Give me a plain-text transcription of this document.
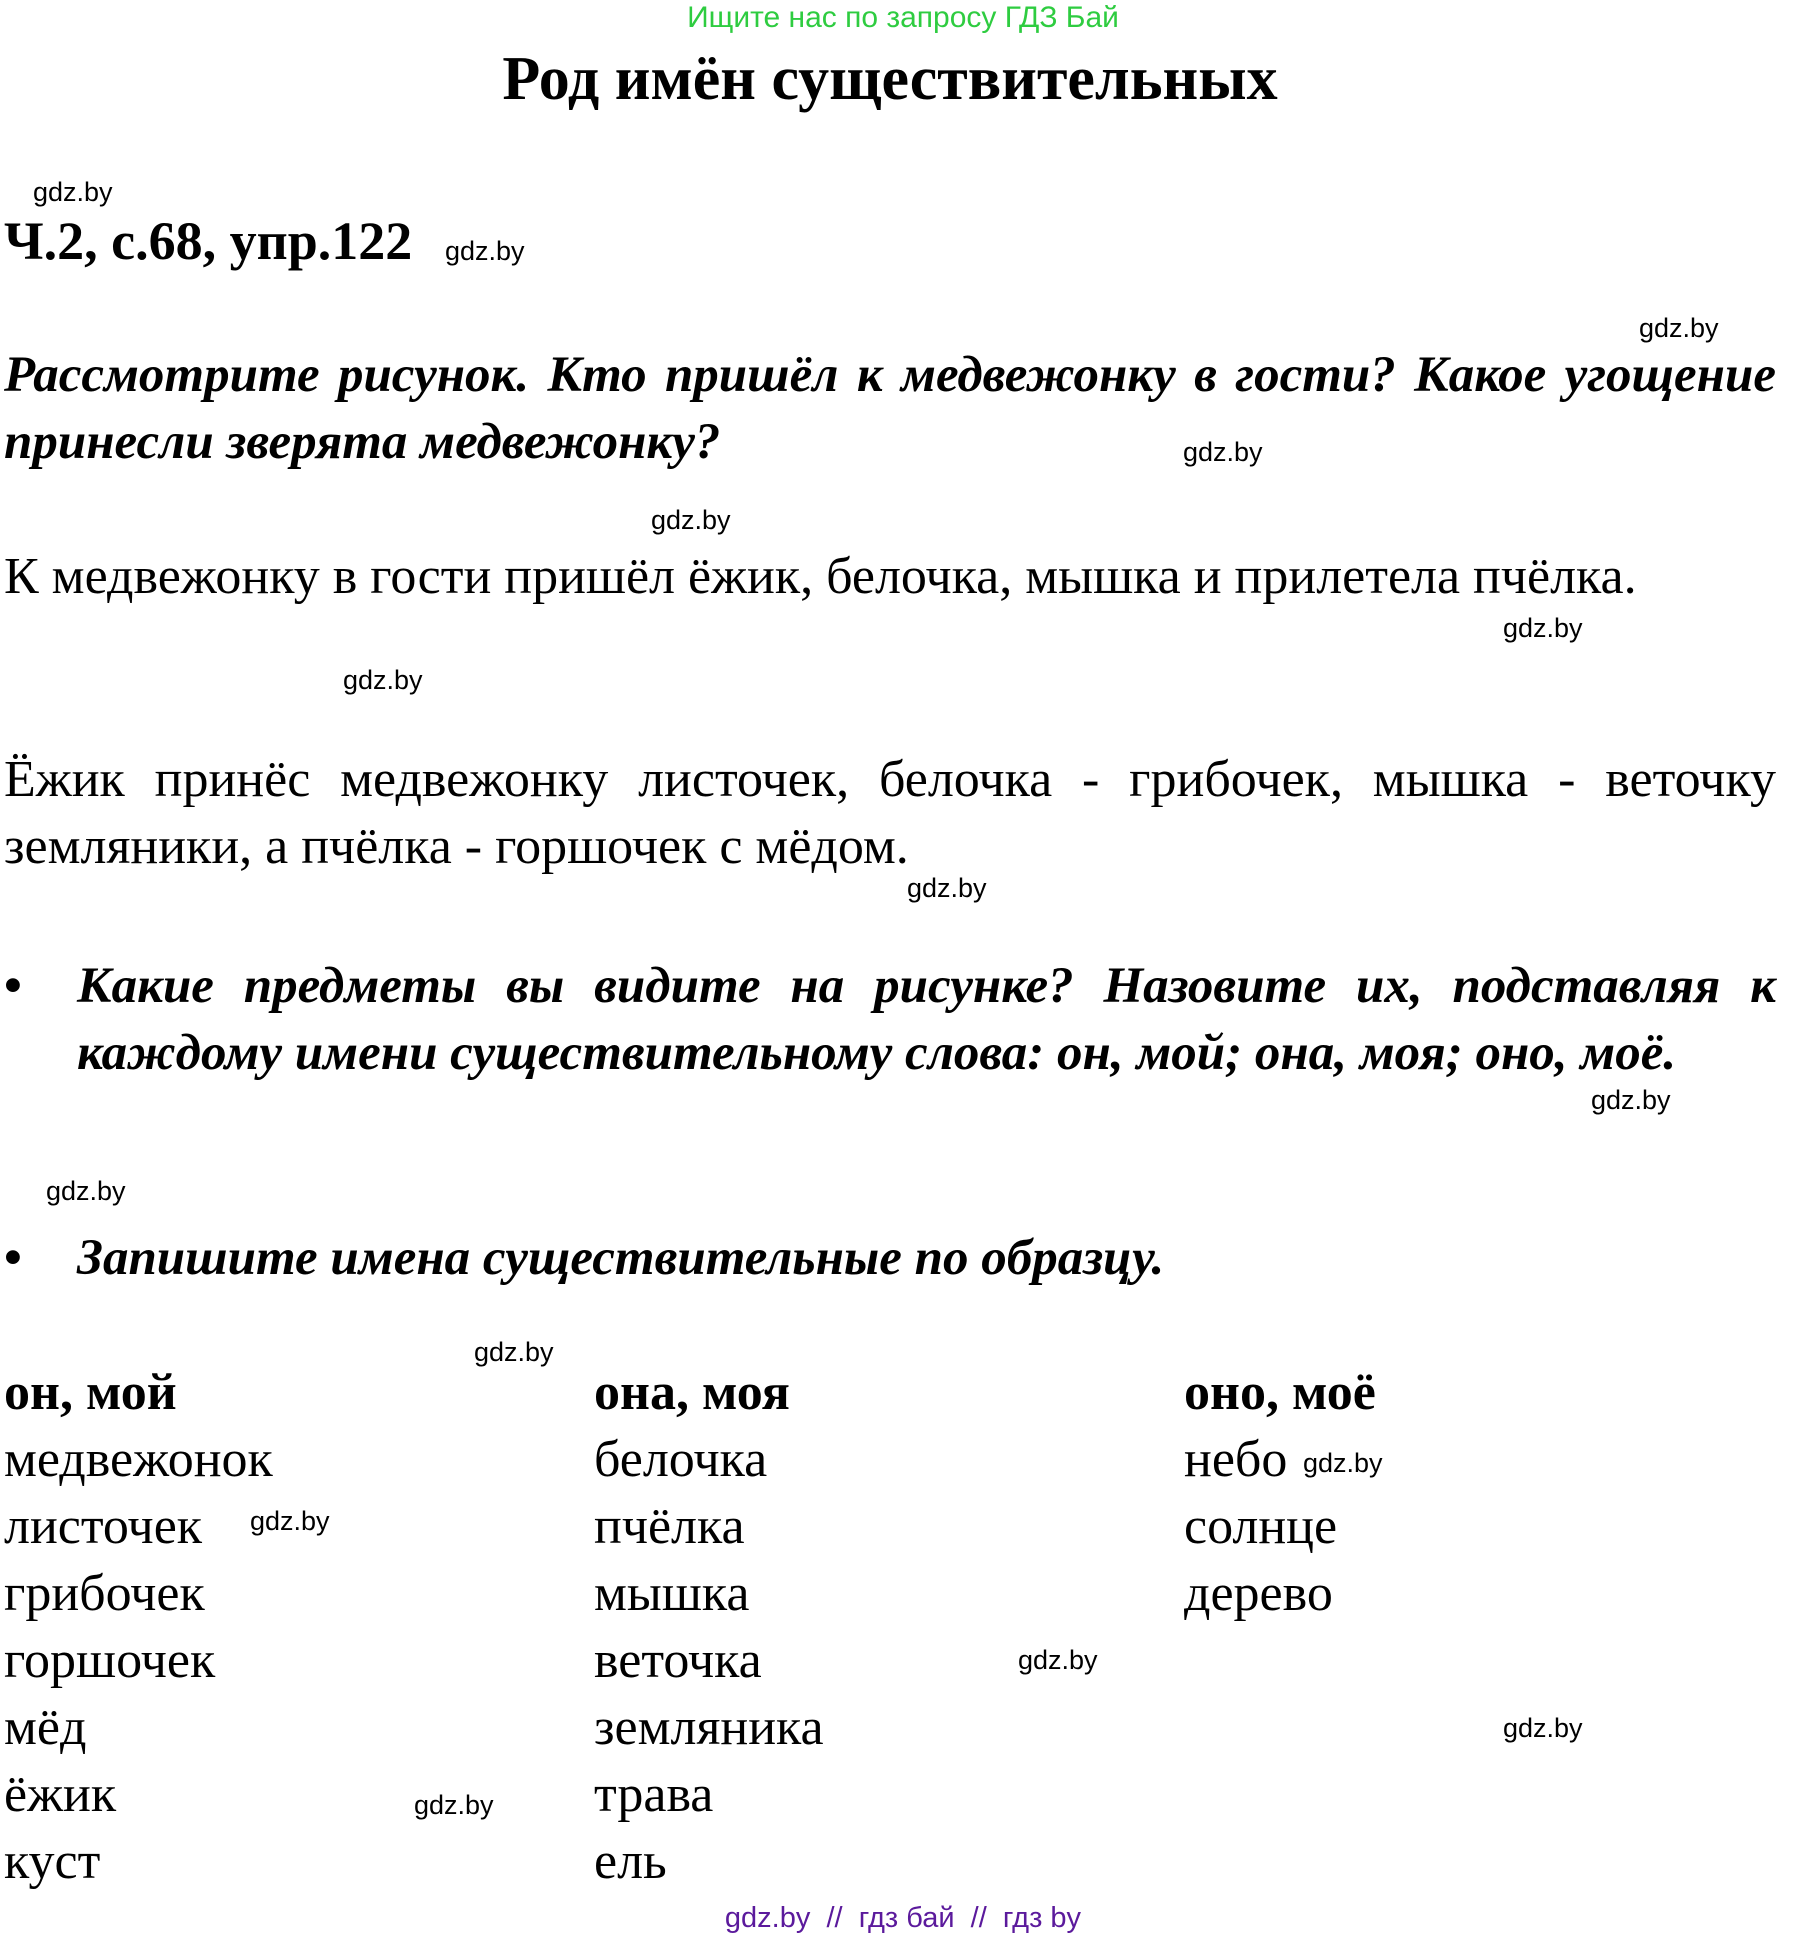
Ищите нас по запросу ГДЗ Бай
Род имён существительных
gdz.by
Ч.2, с.68, упр.122 gdz.by
gdz.by
Рассмотрите рисунок. Кто пришёл к медвежонку в гости? Какое угощение принесли зверята медвежонку?	gdz.by
gdz.by
К медвежонку в гости пришёл ёжик, белочка, мышка и прилетела пчёлка.
gdz.by
gdz.by
Ёжик принёс медвежонку листочек, белочка - грибочек, мышка - веточку земляники, а пчёлка - горшочек с мёдом.
gdz.by
• Какие предметы вы видите на рисунке? Назовите их, подставляя к каждому имени существительному слова: он, мой; она, моя; оно, моё.
gdz.by
gdz.by
• Запишите имена существительные по образцу.
gdz.by
он, мой
медвежонок
листочек
грибочек
горшочек
мёд
ёжик
куст
она, моя
белочка
пчёлка
мышка
веточка
земляника
трава
ель
оно, моё
небо
солнце
дерево
gdz.by
gdz.by
gdz.by
gdz.by
gdz.by
gdz.by  //  гдз бай  //  гдз by
